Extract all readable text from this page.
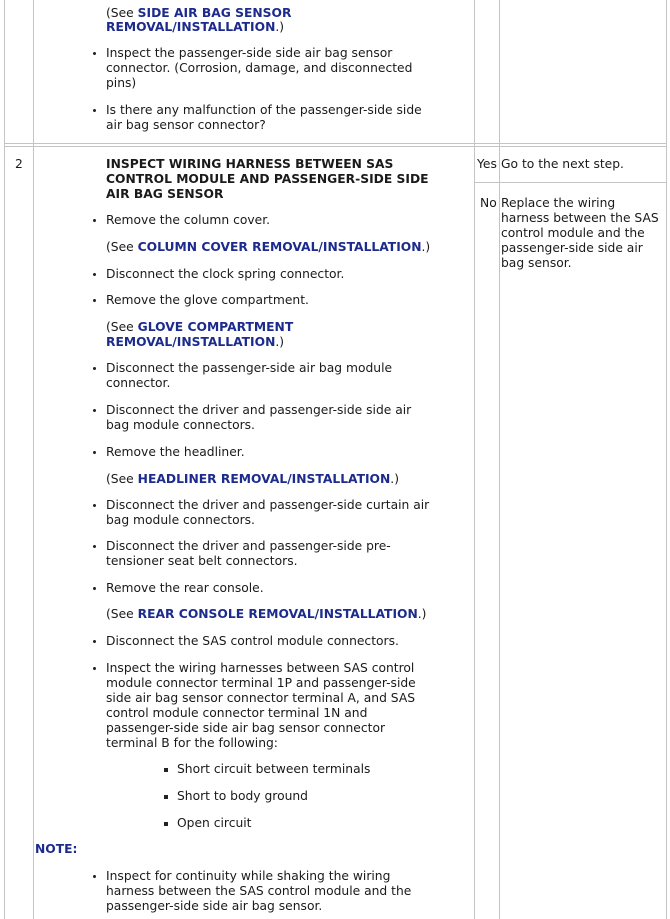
(See SIDE AIR BAG SENSOR
REMOVAL/INSTALLATION.)
Inspect the passenger-side side air bag sensor
connector. (Corrosion, damage, and disconnected
pins)
Is there any malfunction of the passenger-side side
air bag sensor connector?
2	INSPECT WIRING HARNESS BETWEEN SAS
CONTROL MODULE AND PASSENGER-SIDE SIDE
AIR BAG SENSOR
Remove the column cover.
(See COLUMN COVER REMOVAL/INSTALLATION.)
Disconnect the clock spring connector.
Remove the glove compartment.
(See GLOVE COMPARTMENT
REMOVAL/INSTALLATION.)
Disconnect the passenger-side air bag module
connector.
Disconnect the driver and passenger-side side air
bag module connectors.
Remove the headliner.
(See HEADLINER REMOVAL/INSTALLATION.)
Disconnect the driver and passenger-side curtain air
bag module connectors.
Disconnect the driver and passenger-side pre-
tensioner seat belt connectors.
Remove the rear console.
(See REAR CONSOLE REMOVAL/INSTALLATION.)
Disconnect the SAS control module connectors.
Inspect the wiring harnesses between SAS control
module connector terminal 1P and passenger-side
side air bag sensor connector terminal A, and SAS
control module connector terminal 1N and
passenger-side side air bag sensor connector
terminal B for the following:
Short circuit between terminals
Short to body ground
Open circuit
NOTE:
Inspect for continuity while shaking the wiring
harness between the SAS control module and the
passenger-side side air bag sensor.
Yes Go to the next step.
No Replace the wiring
harness between the SAS
control module and the
passenger-side side air
bag sensor.
